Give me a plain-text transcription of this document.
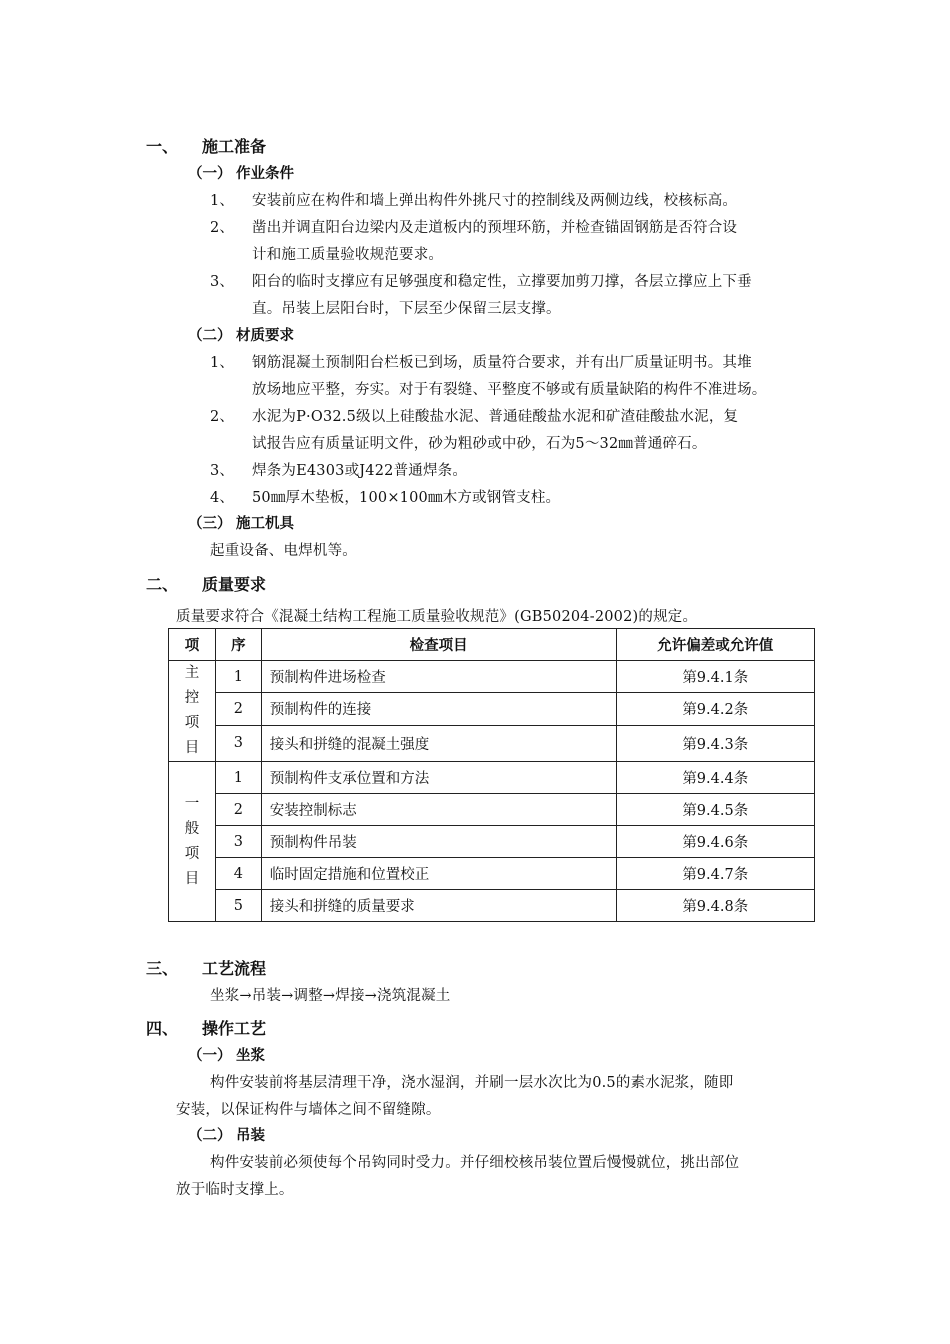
一、 施工准备
（一） 作业条件
1、 安装前应在构件和墙上弹出构件外挑尺寸的控制线及两侧边线，校核标高。
2、 凿出并调直阳台边梁内及走道板内的预埋环筋，并检查锚固钢筋是否符合设
计和施工质量验收规范要求。
3、 阳台的临时支撑应有足够强度和稳定性，立撑要加剪刀撑，各层立撑应上下垂
直。吊装上层阳台时，下层至少保留三层支撑。
（二） 材质要求
1、 钢筋混凝土预制阳台栏板已到场，质量符合要求，并有出厂质量证明书。其堆
放场地应平整，夯实。对于有裂缝、平整度不够或有质量缺陷的构件不准进场。
2、 水泥为P·O32.5级以上硅酸盐水泥、普通硅酸盐水泥和矿渣硅酸盐水泥，复
试报告应有质量证明文件，砂为粗砂或中砂，石为5～32㎜普通碎石。
3、 焊条为E4303或J422普通焊条。
4、 50㎜厚木垫板，100×100㎜木方或钢管支柱。
（三） 施工机具
起重设备、电焊机等。
二、 质量要求
质量要求符合《混凝土结构工程施工质量验收规范》(GB50204-2002)的规定。
项	序	检查项目	允许偏差或允许值

主
控
项
目	1	预制构件进场检查	第9.4.1条
	2	预制构件的连接	第9.4.2条
	3	接头和拼缝的混凝土强度	第9.4.3条

一
般
项
目	1	预制构件支承位置和方法	第9.4.4条
	2	安装控制标志	第9.4.5条
	3	预制构件吊装	第9.4.6条
	4	临时固定措施和位置校正	第9.4.7条
	5	接头和拼缝的质量要求	第9.4.8条
三、 工艺流程
坐浆→吊装→调整→焊接→浇筑混凝土
四、 操作工艺
（一） 坐浆
构件安装前将基层清理干净，浇水湿润，并刷一层水次比为0.5的素水泥浆，随即
安装，以保证构件与墙体之间不留缝隙。
（二） 吊装
构件安装前必须使每个吊钩同时受力。并仔细校核吊装位置后慢慢就位，挑出部位
放于临时支撑上。
